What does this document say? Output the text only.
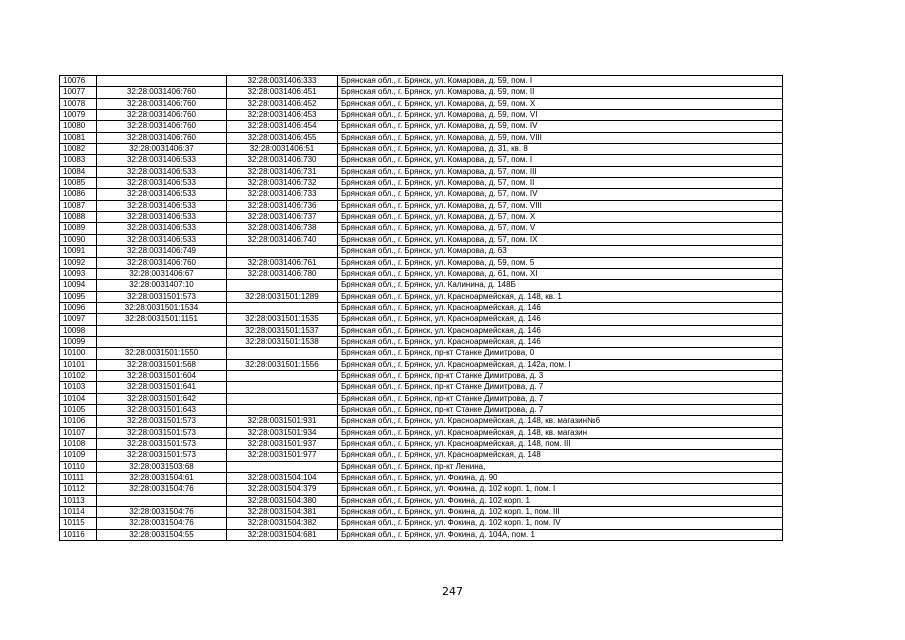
10076		32:28:0031406:333	Брянская обл., г. Брянск, ул. Комарова, д. 59, пом. I
10077	32:28:0031406:760	32:28:0031406:451	Брянская обл., г. Брянск, ул. Комарова, д. 59, пом. II
10078	32:28:0031406:760	32:28:0031406:452	Брянская обл., г. Брянск, ул. Комарова, д. 59, пом. X
10079	32:28:0031406:760	32:28:0031406:453	Брянская обл., г. Брянск, ул. Комарова, д. 59, пом. VI
10080	32:28:0031406:760	32:28:0031406:454	Брянская обл., г. Брянск, ул. Комарова, д. 59, пом. IV
10081	32:28:0031406:760	32:28:0031406:455	Брянская обл., г. Брянск, ул. Комарова, д. 59, пом. VIII
10082	32:28:0031406:37	32:28:0031406:51	Брянская обл., г. Брянск, ул. Комарова, д. 31, кв. 8
10083	32:28:0031406:533	32:28:0031406:730	Брянская обл., г. Брянск, ул. Комарова, д. 57, пом. I
10084	32:28:0031406:533	32:28:0031406:731	Брянская обл., г. Брянск, ул. Комарова, д. 57, пом. III
10085	32:28:0031406:533	32:28:0031406:732	Брянская обл., г. Брянск, ул. Комарова, д. 57, пом. II
10086	32:28:0031406:533	32:28:0031406:733	Брянская обл., г. Брянск, ул. Комарова, д. 57, пом. IV
10087	32:28:0031406:533	32:28:0031406:736	Брянская обл., г. Брянск, ул. Комарова, д. 57, пом. VIII
10088	32:28:0031406:533	32:28:0031406:737	Брянская обл., г. Брянск, ул. Комарова, д. 57, пом. X
10089	32:28:0031406:533	32:28:0031406:738	Брянская обл., г. Брянск, ул. Комарова, д. 57, пом. V
10090	32:28:0031406:533	32:28:0031406:740	Брянская обл., г. Брянск, ул. Комарова, д. 57, пом. IX
10091	32:28:0031406:749		Брянская обл., г. Брянск, ул. Комарова, д. 63
10092	32:28:0031406:760	32:28:0031406:761	Брянская обл., г. Брянск, ул. Комарова, д. 59, пом. 5
10093	32:28:0031406:67	32:28:0031406:780	Брянская обл., г. Брянск, ул. Комарова, д. 61, пом. XI
10094	32:28:0031407:10		Брянская обл., г. Брянск, ул. Калинина, д. 148Б
10095	32:28:0031501:573	32:28:0031501:1289	Брянская обл., г. Брянск, ул. Красноармейская, д. 148, кв. 1
10096	32:28:0031501:1534		Брянская обл., г. Брянск, ул. Красноармейская, д. 146
10097	32:28:0031501:1151	32:28:0031501:1535	Брянская обл., г. Брянск, ул. Красноармейская, д. 146
10098		32:28:0031501:1537	Брянская обл., г. Брянск, ул. Красноармейская, д. 146
10099		32:28:0031501:1538	Брянская обл., г. Брянск, ул. Красноармейская, д. 146
10100	32:28:0031501:1550		Брянская обл., г. Брянск, пр-кт Станке Димитрова, 0
10101	32:28:0031501:568	32:28:0031501:1556	Брянская обл., г. Брянск, ул. Красноармейская, д. 142а, пом. I
10102	32:28:0031501:604		Брянская обл., г. Брянск, пр-кт Станке Димитрова, д. 3
10103	32:28:0031501:641		Брянская обл., г. Брянск, пр-кт Станке Димитрова, д. 7
10104	32:28:0031501:642		Брянская обл., г. Брянск, пр-кт Станке Димитрова, д. 7
10105	32:28:0031501:643		Брянская обл., г. Брянск, пр-кт Станке Димитрова, д. 7
10106	32:28:0031501:573	32:28:0031501:931	Брянская обл., г. Брянск, ул. Красноармейская, д. 148, кв. магазин№6
10107	32:28:0031501:573	32:28:0031501:934	Брянская обл., г. Брянск, ул. Красноармейская, д. 148, кв. магазин
10108	32:28:0031501:573	32:28:0031501:937	Брянская обл., г. Брянск, ул. Красноармейская, д. 148, пом. III
10109	32:28:0031501:573	32:28:0031501:977	Брянская обл., г. Брянск, ул. Красноармейская, д. 148
10110	32:28:0031503:68		Брянская обл., г. Брянск, пр-кт Ленина,
10111	32:28:0031504:61	32:28:0031504:104	Брянская обл., г. Брянск, ул. Фокина, д. 90
10112	32:28:0031504:76	32:28:0031504:379	Брянская обл., г. Брянск, ул. Фокина, д. 102 корп. 1, пом. I
10113		32:28:0031504:380	Брянская обл., г. Брянск, ул. Фокина, д. 102 корп. 1
10114	32:28:0031504:76	32:28:0031504:381	Брянская обл., г. Брянск, ул. Фокина, д. 102 корп. 1, пом. III
10115	32:28:0031504:76	32:28:0031504:382	Брянская обл., г. Брянск, ул. Фокина, д. 102 корп. 1, пом. IV
10116	32:28:0031504:55	32:28:0031504:681	Брянская обл., г. Брянск, ул. Фокина, д. 104А, пом. 1
247
